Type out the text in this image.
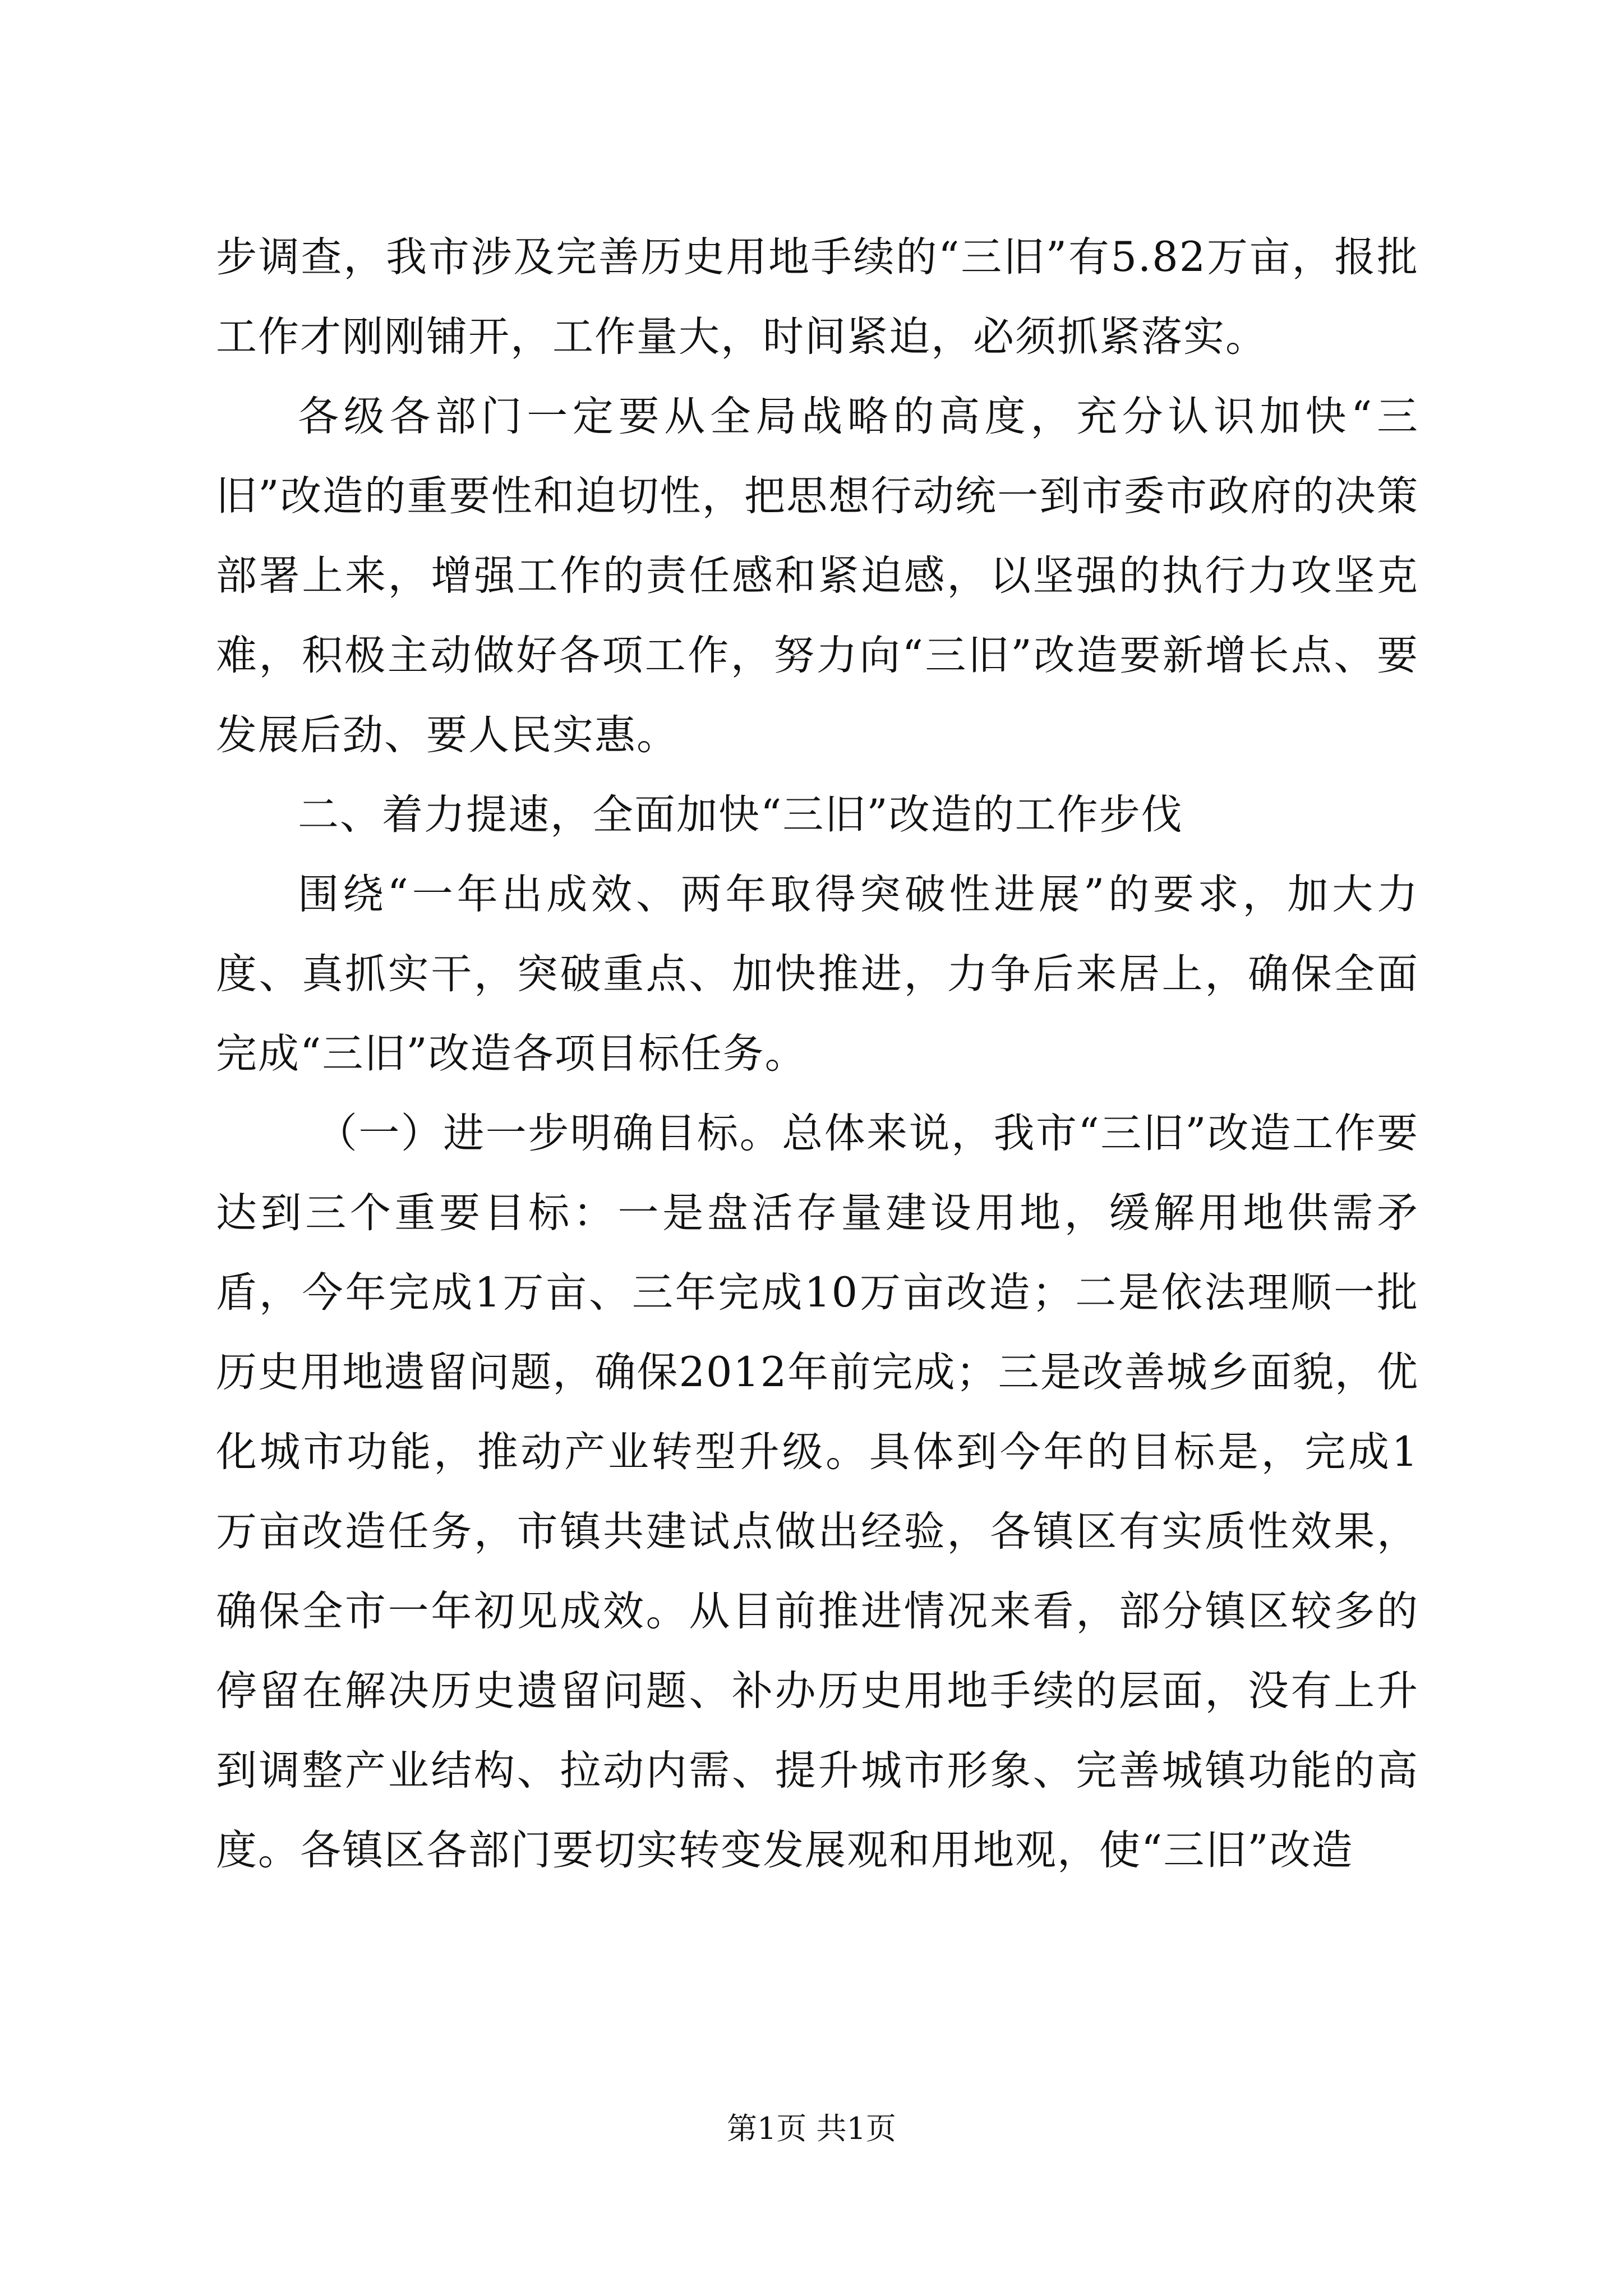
步调查，我市涉及完善历史用地手续的“三旧”有5.82万亩，报批工作才刚刚铺开，工作量大，时间紧迫，必须抓紧落实。

各级各部门一定要从全局战略的高度，充分认识加快“三旧”改造的重要性和迫切性，把思想行动统一到市委市政府的决策部署上来，增强工作的责任感和紧迫感，以坚强的执行力攻坚克难，积极主动做好各项工作，努力向“三旧”改造要新增长点、要发展后劲、要人民实惠。

二、着力提速，全面加快“三旧”改造的工作步伐

围绕“一年出成效、两年取得突破性进展”的要求，加大力度、真抓实干，突破重点、加快推进，力争后来居上，确保全面完成“三旧”改造各项目标任务。

（一）进一步明确目标。总体来说，我市“三旧”改造工作要达到三个重要目标：一是盘活存量建设用地，缓解用地供需矛盾，今年完成1万亩、三年完成10万亩改造；二是依法理顺一批历史用地遗留问题，确保2012年前完成；三是改善城乡面貌，优化城市功能，推动产业转型升级。具体到今年的目标是，完成1万亩改造任务，市镇共建试点做出经验，各镇区有实质性效果，确保全市一年初见成效。从目前推进情况来看，部分镇区较多的停留在解决历史遗留问题、补办历史用地手续的层面，没有上升到调整产业结构、拉动内需、提升城市形象、完善城镇功能的高度。各镇区各部门要切实转变发展观和用地观，使“三旧”改造

第1页 共1页
